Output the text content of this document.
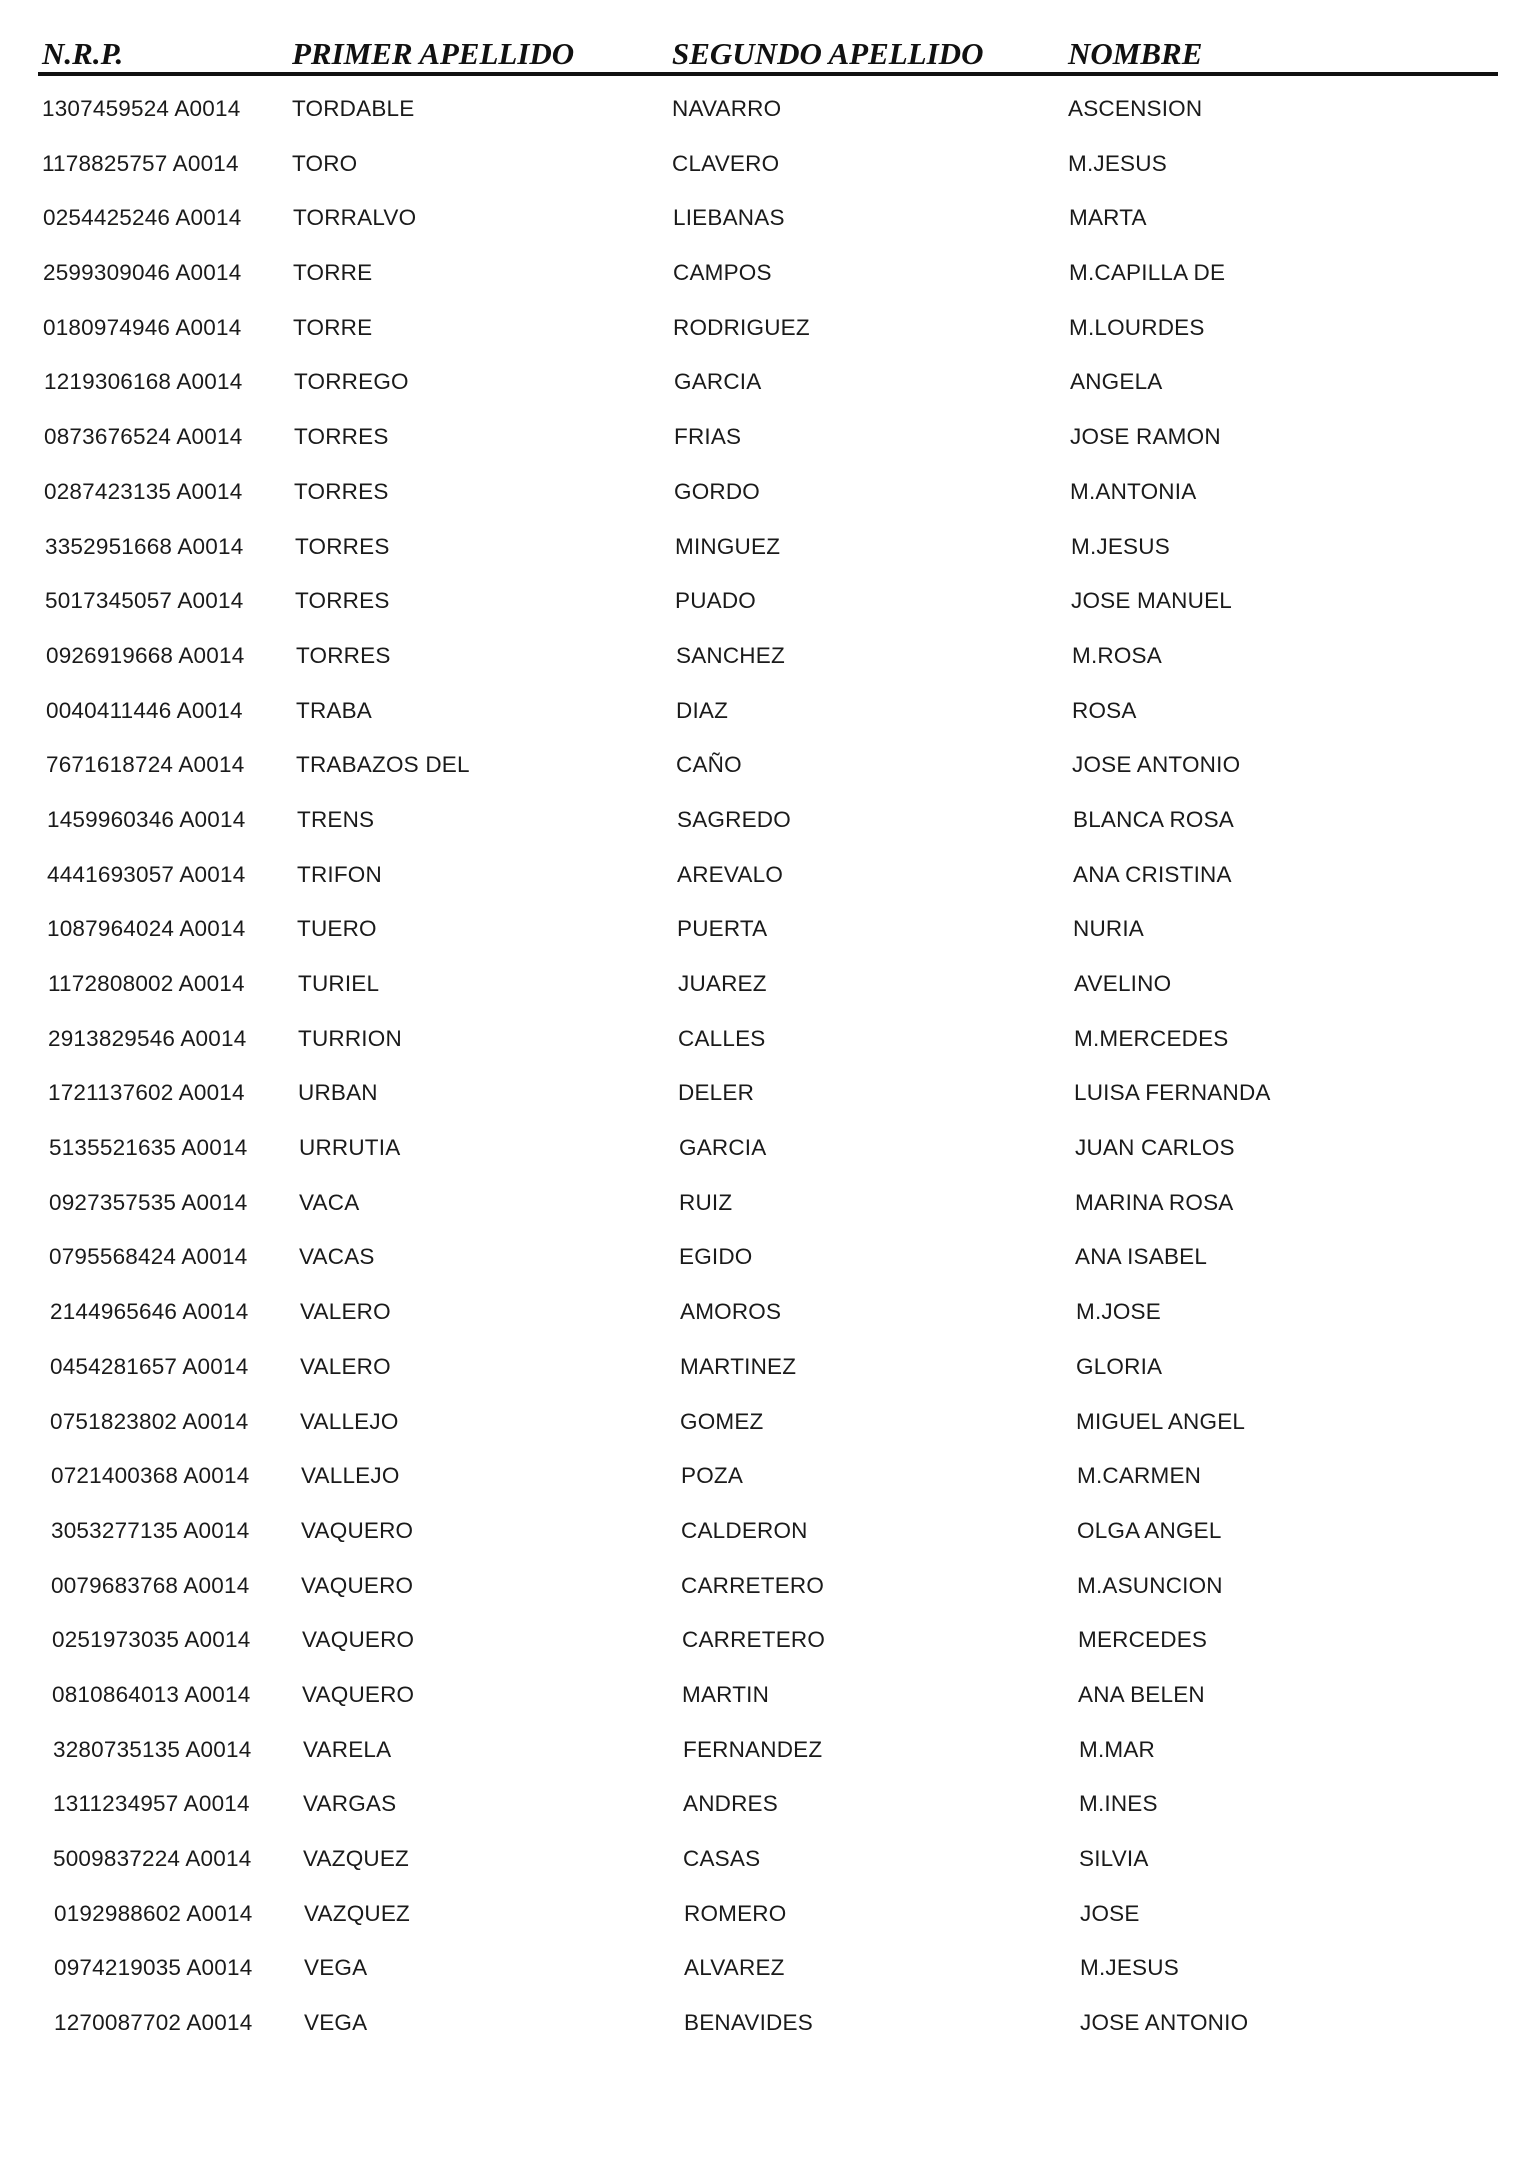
N.R.P.	PRIMER APELLIDO	SEGUNDO APELLIDO	NOMBRE
1307459524 A0014 TORDABLE	NAVARRO	ASCENSION
1178825757 A0014 TORO	CLAVERO	M.JESUS
0254425246 A0014 TORRALVO	LIEBANAS	MARTA
2599309046 A0014 TORRE	CAMPOS	M.CAPILLA DE
0180974946 A0014 TORRE	RODRIGUEZ	M.LOURDES
1219306168 A0014 TORREGO	GARCIA	ANGELA
0873676524 A0014 TORRES	FRIAS	JOSE RAMON
0287423135 A0014 TORRES	GORDO	M.ANTONIA
3352951668 A0014 TORRES	MINGUEZ	M.JESUS
5017345057 A0014 TORRES	PUADO	JOSE MANUEL
0926919668 A0014 TORRES	SANCHEZ	M.ROSA
0040411446 A0014 TRABA	DIAZ	ROSA
7671618724 A0014 TRABAZOS DEL	CAÑO	JOSE ANTONIO
1459960346 A0014 TRENS	SAGREDO	BLANCA ROSA
4441693057 A0014 TRIFON	AREVALO	ANA CRISTINA
1087964024 A0014 TUERO	PUERTA	NURIA
1172808002 A0014 TURIEL	JUAREZ	AVELINO
2913829546 A0014 TURRION	CALLES	M.MERCEDES
1721137602 A0014 URBAN	DELER	LUISA FERNANDA
5135521635 A0014 URRUTIA	GARCIA	JUAN CARLOS
0927357535 A0014 VACA	RUIZ	MARINA ROSA
0795568424 A0014 VACAS	EGIDO	ANA ISABEL
2144965646 A0014 VALERO	AMOROS	M.JOSE
0454281657 A0014 VALERO	MARTINEZ	GLORIA
0751823802 A0014 VALLEJO	GOMEZ	MIGUEL ANGEL
0721400368 A0014 VALLEJO	POZA	M.CARMEN
3053277135 A0014 VAQUERO	CALDERON	OLGA ANGEL
0079683768 A0014 VAQUERO	CARRETERO	M.ASUNCION
0251973035 A0014 VAQUERO	CARRETERO	MERCEDES
0810864013 A0014 VAQUERO	MARTIN	ANA BELEN
3280735135 A0014 VARELA	FERNANDEZ	M.MAR
1311234957 A0014 VARGAS	ANDRES	M.INES
5009837224 A0014 VAZQUEZ	CASAS	SILVIA
0192988602 A0014 VAZQUEZ	ROMERO	JOSE
0974219035 A0014 VEGA	ALVAREZ	M.JESUS
1270087702 A0014 VEGA	BENAVIDES	JOSE ANTONIO
